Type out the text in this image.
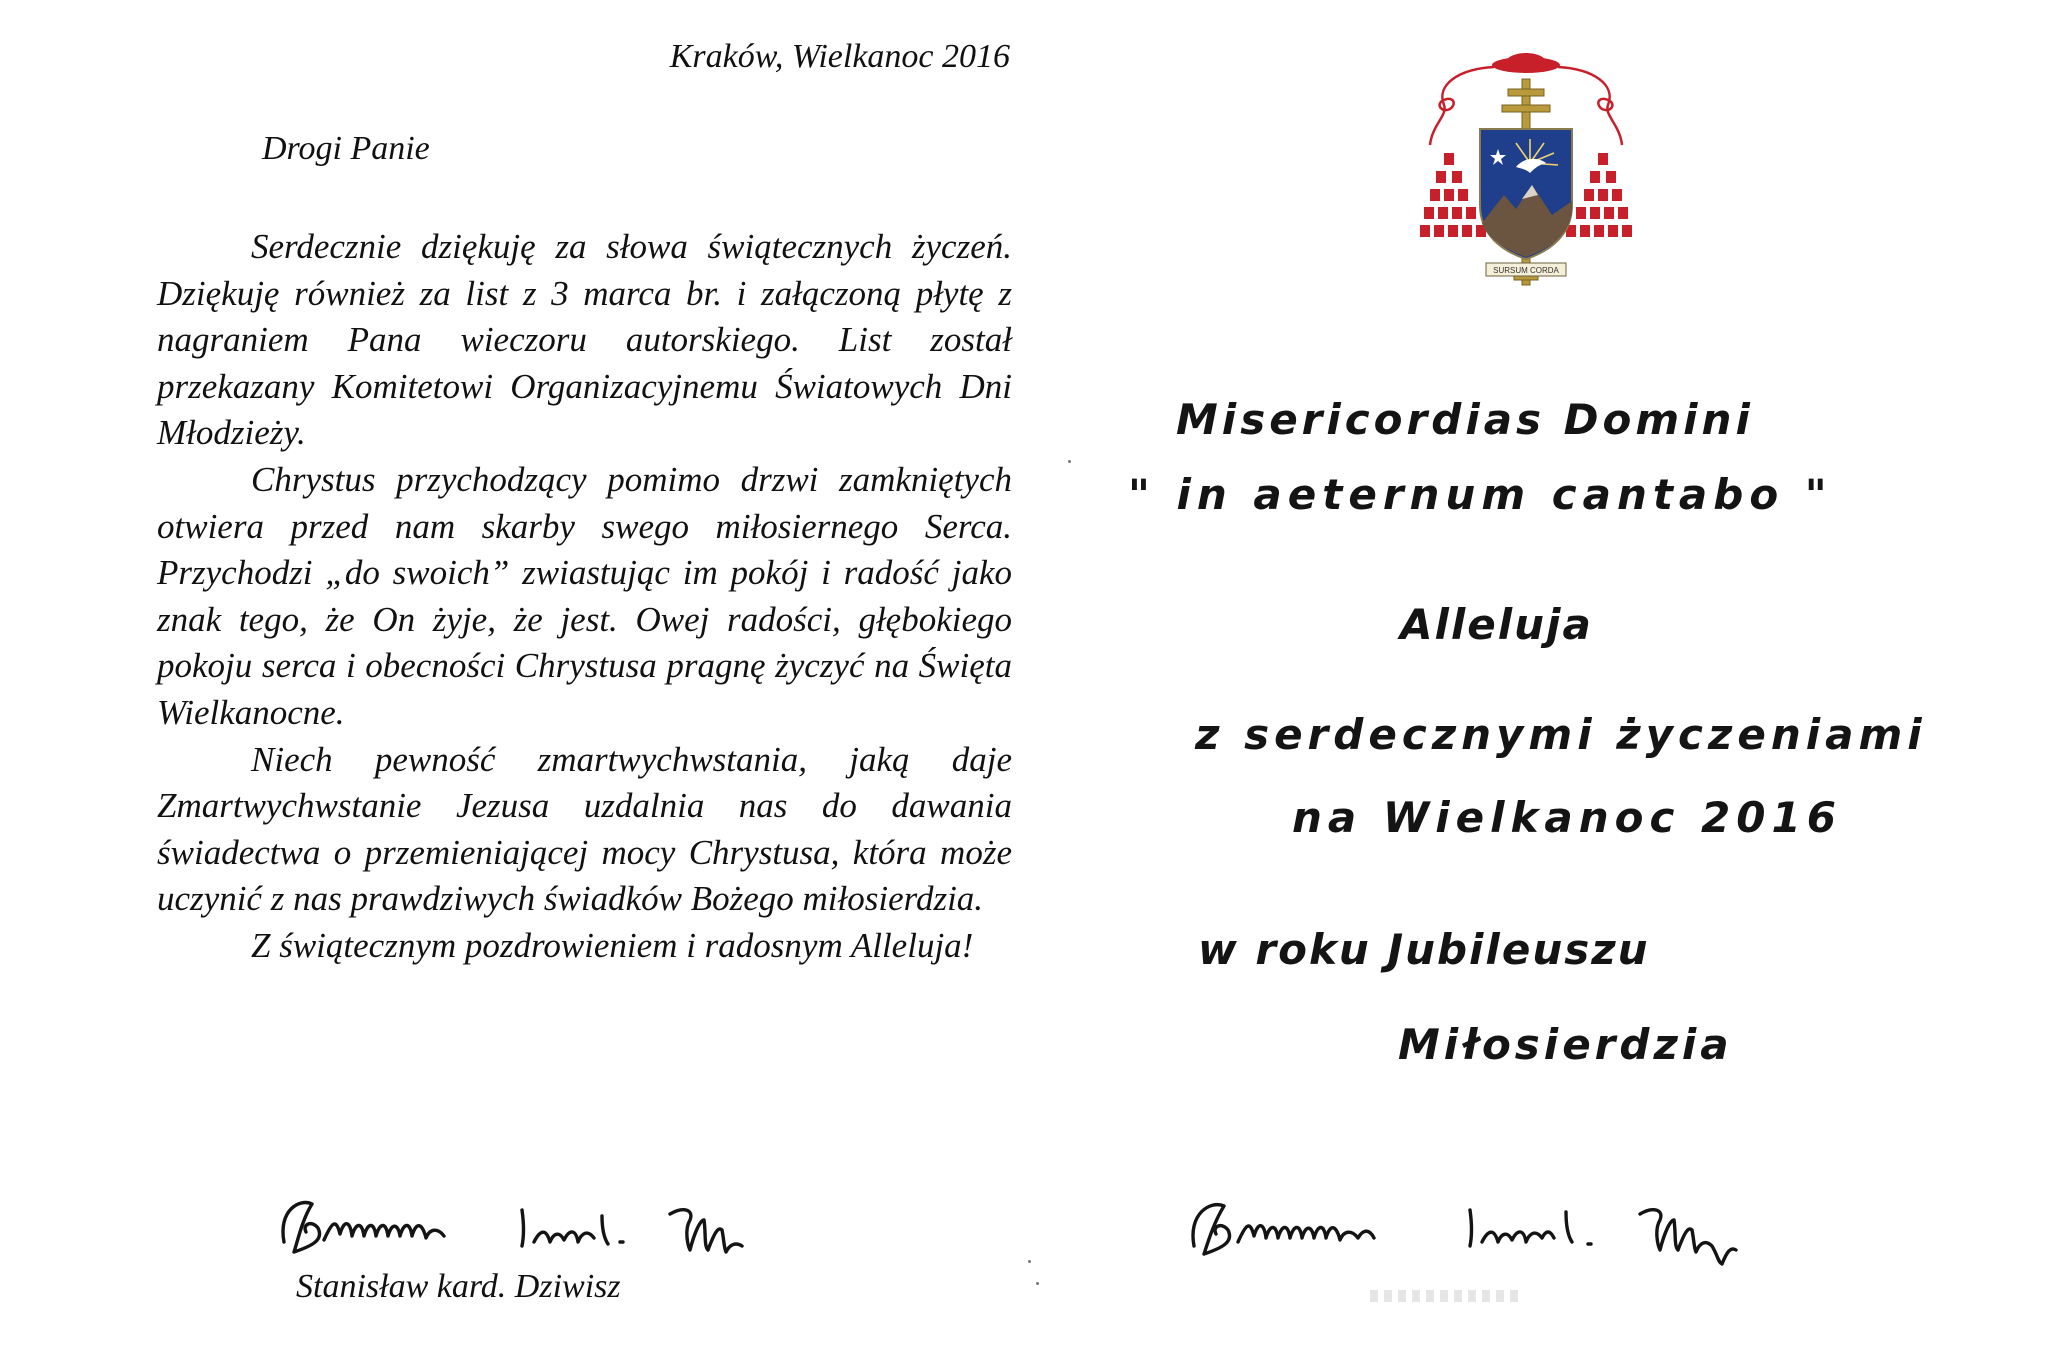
Kraków, Wielkanoc 2016
Drogi Panie

Serdecznie dziękuję za słowa świątecznych życzeń. Dziękuję również za list z 3 marca br. i załączoną płytę z nagraniem Pana wieczoru autorskiego. List został przekazany Komitetowi Organizacyjnemu Światowych Dni Młodzieży.

Chrystus przychodzący pomimo drzwi zamkniętych otwiera przed nam skarby swego miłosiernego Serca. Przychodzi „do swoich” zwiastując im pokój i radość jako znak tego, że On żyje, że jest. Owej radości, głębokiego pokoju serca i obecności Chrystusa pragnę życzyć na Święta Wielkanocne.

Niech pewność zmartwychwstania, jaką daje Zmartwychwstanie Jezusa uzdalnia nas do dawania świadectwa o przemieniającej mocy Chrystusa, która może uczynić z nas prawdziwych świadków Bożego miłosierdzia.

Z świątecznym pozdrowieniem i radosnym Alleluja!

Stanisław kard. Dziwisz
SURSUM CORDA
Misericordias Domini
" in aeternum cantabo "
Alleluja
z serdecznymi życzeniami
na Wielkanoc 2016
w roku Jubileuszu
Miłosierdzia
